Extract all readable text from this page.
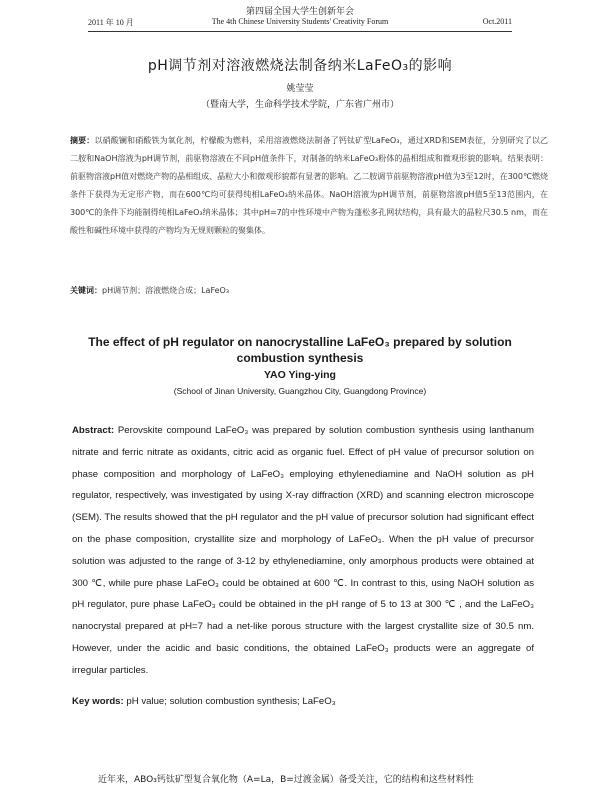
第四届全国大学生创新年会
2011 年 10 月	The 4th Chinese University Students' Creativity Forum	Oct.2011
pH调节剂对溶液燃烧法制备纳米LaFeO₃的影响
姚莹莹
（暨南大学，生命科学技术学院，广东省广州市）
摘要：以硝酸镧和硝酸铁为氧化剂，柠檬酸为燃料，采用溶液燃烧法制备了钙钛矿型LaFeO₃，通过XRD和SEM表征，分别研究了以乙二胺和NaOH溶液为pH调节剂，前驱物溶液在不同pH值条件下，对制备的纳米LaFeO₃粉体的晶相组成和微观形貌的影响。结果表明：前驱物溶液pH值对燃烧产物的晶相组成、晶粒大小和微观形貌都有显著的影响。乙二胺调节前驱物溶液pH值为3至12时，在300℃燃烧条件下获得为无定形产物，而在600℃均可获得纯相LaFeO₃纳米晶体。NaOH溶液为pH调节剂，前驱物溶液pH值5至13范围内，在300℃的条件下均能制得纯相LaFeO₃纳米晶体；其中pH=7的中性环境中产物为蓬松多孔网状结构，具有最大的晶粒尺30.5 nm，而在酸性和碱性环境中获得的产物均为无规则颗粒的聚集体。
关键词：pH调节剂；溶液燃烧合成；LaFeO₃
The effect of pH regulator on nanocrystalline LaFeO₃ prepared by solution combustion synthesis
YAO Ying-ying
(School of Jinan University, Guangzhou City, Guangdong Province)
Abstract: Perovskite compound LaFeO₃ was prepared by solution combustion synthesis using lanthanum nitrate and ferric nitrate as oxidants, citric acid as organic fuel. Effect of pH value of precursor solution on phase composition and morphology of LaFeO₃ employing ethylenediamine and NaOH solution as pH regulator, respectively, was investigated by using X-ray diffraction (XRD) and scanning electron microscope (SEM). The results showed that the pH regulator and the pH value of precursor solution had significant effect on the phase composition, crystallite size and morphology of LaFeO₃. When the pH value of precursor solution was adjusted to the range of 3-12 by ethylenediamine, only amorphous products were obtained at 300 ℃, while pure phase LaFeO₃ could be obtained at 600 ℃. In contrast to this, using NaOH solution as pH regulator, pure phase LaFeO₃ could be obtained in the pH range of 5 to 13 at 300 ℃ , and the LaFeO₃ nanocrystal prepared at pH=7 had a net-like porous structure with the largest crystallite size of 30.5 nm. However, under the acidic and basic conditions, the obtained LaFeO₃ products were an aggregate of irregular particles.
Key words: pH value; solution combustion synthesis; LaFeO₃
近年来，ABO₃钙钛矿型复合氧化物（A=La，B=过渡金属）备受关注，它的结构和这些材料性
